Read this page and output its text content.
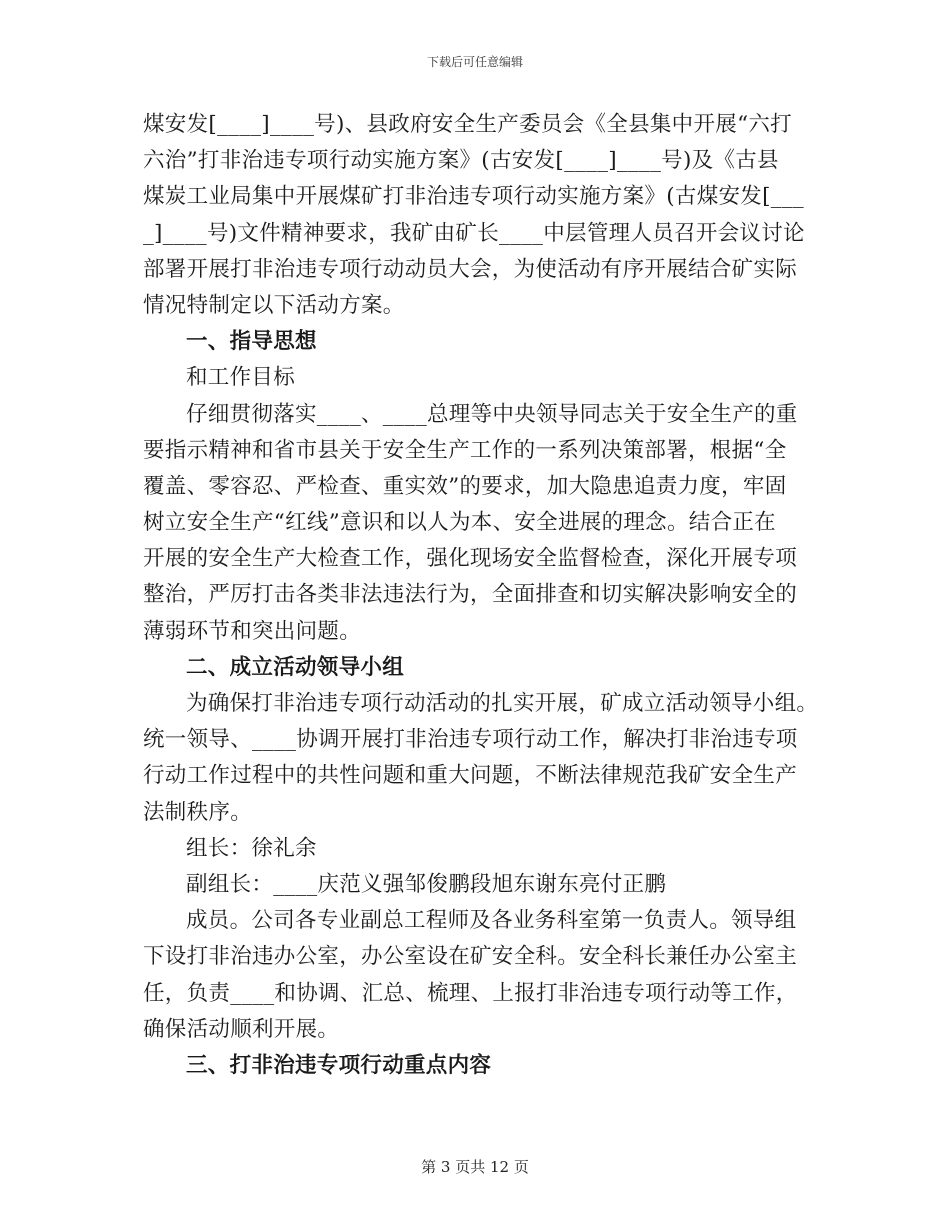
下载后可任意编辑
煤安发[____]____号)、县政府安全生产委员会《全县集中开展“六打
六治”打非治违专项行动实施方案》(古安发[____]____号)及《古县
煤炭工业局集中开展煤矿打非治违专项行动实施方案》(古煤安发[___
_]____号)文件精神要求，我矿由矿长____中层管理人员召开会议讨论
部署开展打非治违专项行动动员大会，为使活动有序开展结合矿实际
情况特制定以下活动方案。
一、指导思想
和工作目标
仔细贯彻落实____、____总理等中央领导同志关于安全生产的重
要指示精神和省市县关于安全生产工作的一系列决策部署，根据“全
覆盖、零容忍、严检查、重实效”的要求，加大隐患追责力度，牢固
树立安全生产“红线”意识和以人为本、安全进展的理念。结合正在
开展的安全生产大检查工作，强化现场安全监督检查，深化开展专项
整治，严厉打击各类非法违法行为，全面排查和切实解决影响安全的
薄弱环节和突出问题。
二、成立活动领导小组
为确保打非治违专项行动活动的扎实开展，矿成立活动领导小组。
统一领导、____协调开展打非治违专项行动工作，解决打非治违专项
行动工作过程中的共性问题和重大问题，不断法律规范我矿安全生产
法制秩序。
组长：徐礼余
副组长：____庆范义强邹俊鹏段旭东谢东亮付正鹏
成员。公司各专业副总工程师及各业务科室第一负责人。领导组
下设打非治违办公室，办公室设在矿安全科。安全科长兼任办公室主
任，负责____和协调、汇总、梳理、上报打非治违专项行动等工作，
确保活动顺利开展。
三、打非治违专项行动重点内容
第 3 页共 12 页
